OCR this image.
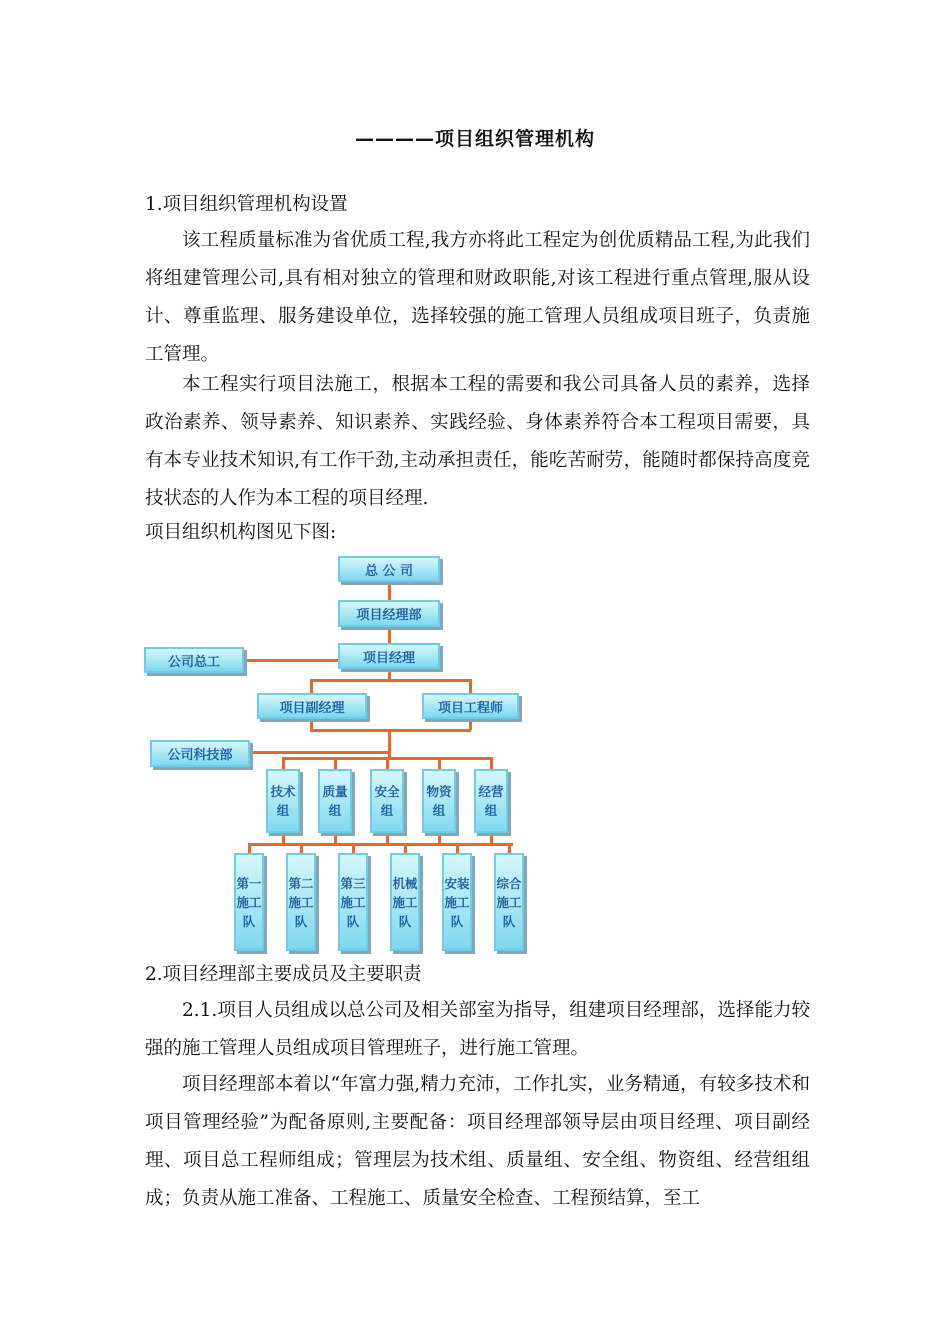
————项目组织管理机构
1.项目组织管理机构设置

该工程质量标准为省优质工程,我方亦将此工程定为创优质精品工程,为此我们将组建管理公司,具有相对独立的管理和财政职能,对该工程进行重点管理,服从设计、尊重监理、服务建设单位，选择较强的施工管理人员组成项目班子，负责施工管理。

本工程实行项目法施工，根据本工程的需要和我公司具备人员的素养，选择政治素养、领导素养、知识素养、实践经验、身体素养符合本工程项目需要，具有本专业技术知识,有工作干劲,主动承担责任，能吃苦耐劳，能随时都保持高度竞技状态的人作为本工程的项目经理.

项目组织机构图见下图:
总 公 司
项目经理部
项目经理
公司总工
项目副经理	项目工程师
公司科技部
技术组
质量组
安全组
物资组
经营组
第一施工队
第二施工队
第三施工队
机械施工队
安装施工队
综合施工队
2.项目经理部主要成员及主要职责

2.1.项目人员组成以总公司及相关部室为指导，组建项目经理部，选择能力较强的施工管理人员组成项目管理班子，进行施工管理。

项目经理部本着以“年富力强,精力充沛，工作扎实，业务精通，有较多技术和项目管理经验”为配备原则,主要配备：项目经理部领导层由项目经理、项目副经理、项目总工程师组成；管理层为技术组、质量组、安全组、物资组、经营组组成；负责从施工准备、工程施工、质量安全检查、工程预结算，至工
